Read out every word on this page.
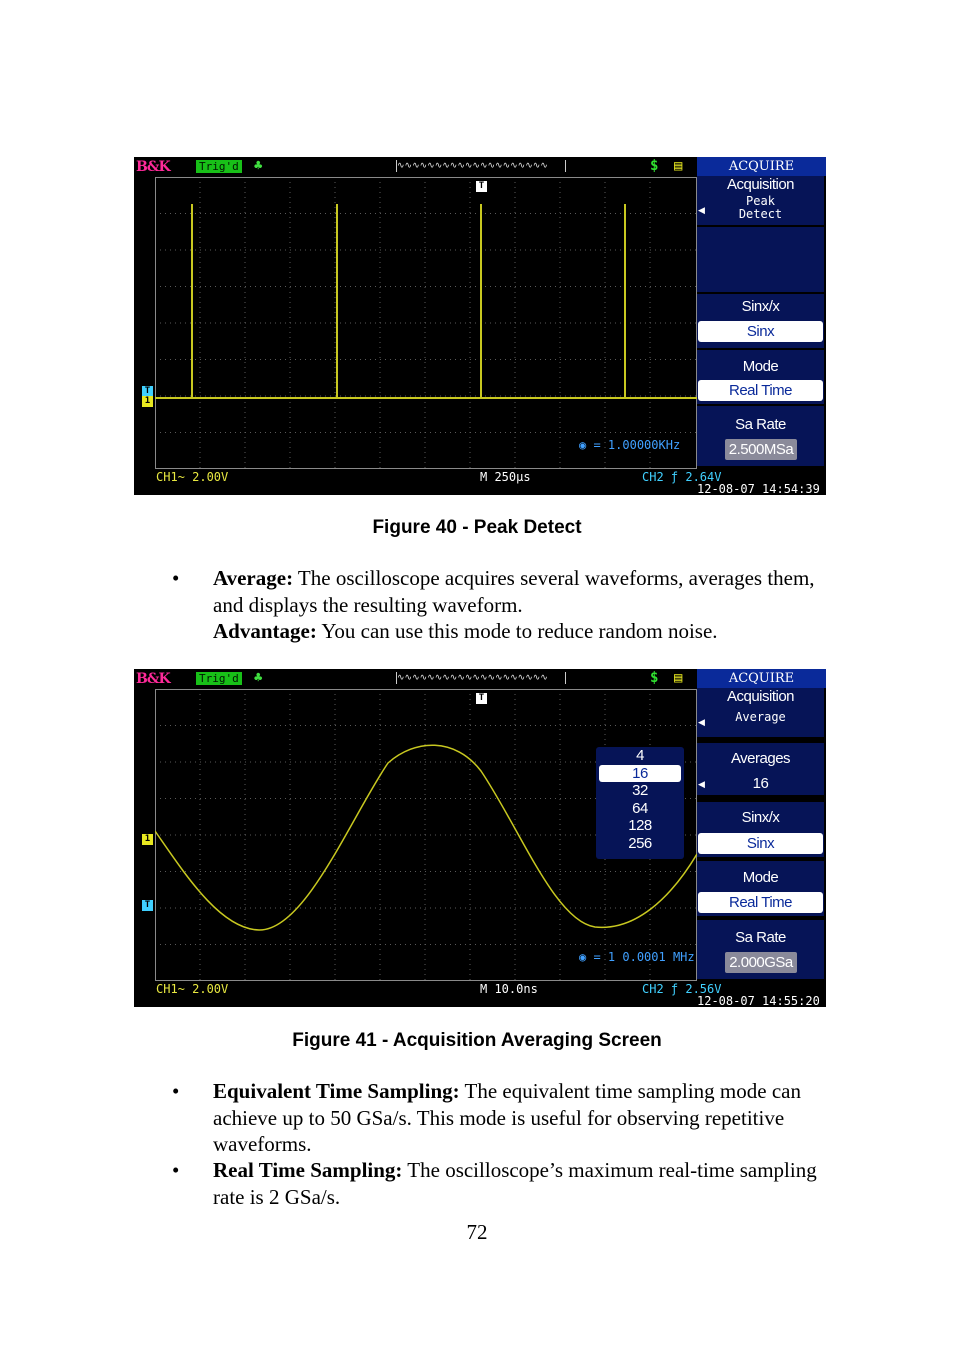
B&K	Trig'd ♣	∿∿∿∿∿∿∿∿∿∿∿∿∿∿∿∿∿∿∿∿	$ ▤
T
T
1
◉ = 1.00000KHz
ACQUIRE
Acquisition
◀
Peak
Detect
Sinx/x
Sinx
Mode
Real Time
Sa Rate
2.500MSa
CH1~ 2.00V	M 250μs	CH2 ƒ 2.64V
12-08-07 14:54:39
Figure 40 - Peak Detect
• Average: The oscilloscope acquires several waveforms, averages them, and displays the resulting waveform.
Advantage: You can use this mode to reduce random noise.
B&K	Trig'd ♣	∿∿∿∿∿∿∿∿∿∿∿∿∿∿∿∿∿∿∿∿	$ ▤
T
1
T
4
16
32
64
128
256
◉ = 1 0.0001 MHz
ACQUIRE
Acquisition
◀	Average
Averages
◀	16
Sinx/x
Sinx
Mode
Real Time
Sa Rate
2.000GSa
CH1~ 2.00V	M 10.0ns	CH2 ƒ 2.56V
12-08-07 14:55:20
Figure 41 - Acquisition Averaging Screen
• Equivalent Time Sampling: The equivalent time sampling mode can achieve up to 50 GSa/s. This mode is useful for observing repetitive waveforms.
• Real Time Sampling: The oscilloscope’s maximum real-time sampling rate is 2 GSa/s.
72
